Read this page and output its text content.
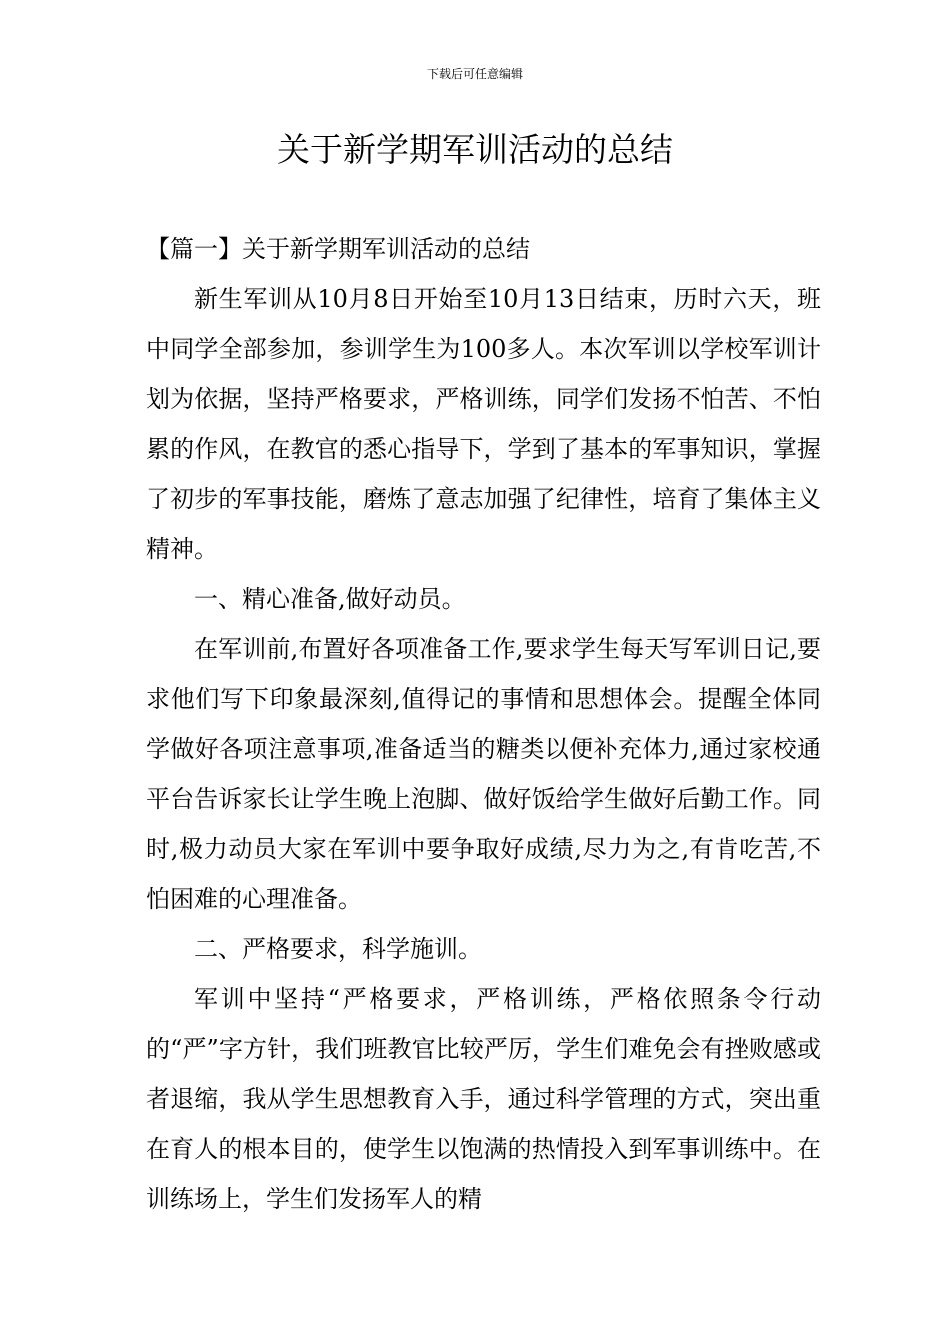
下载后可任意编辑
关于新学期军训活动的总结

【篇一】关于新学期军训活动的总结

新生军训从10月8日开始至10月13日结束，历时六天，班中同学全部参加，参训学生为100多人。本次军训以学校军训计划为依据，坚持严格要求，严格训练，同学们发扬不怕苦、不怕累的作风，在教官的悉心指导下，学到了基本的军事知识，掌握了初步的军事技能，磨炼了意志加强了纪律性，培育了集体主义精神。

一、精心准备,做好动员。

在军训前,布置好各项准备工作,要求学生每天写军训日记,要求他们写下印象最深刻,值得记的事情和思想体会。提醒全体同学做好各项注意事项,准备适当的糖类以便补充体力,通过家校通平台告诉家长让学生晚上泡脚、做好饭给学生做好后勤工作。同时,极力动员大家在军训中要争取好成绩,尽力为之,有肯吃苦,不怕困难的心理准备。

二、严格要求，科学施训。

军训中坚持“严格要求，严格训练，严格依照条令行动的“严”字方针，我们班教官比较严厉，学生们难免会有挫败感或者退缩，我从学生思想教育入手，通过科学管理的方式，突出重在育人的根本目的，使学生以饱满的热情投入到军事训练中。在训练场上，学生们发扬军人的精
